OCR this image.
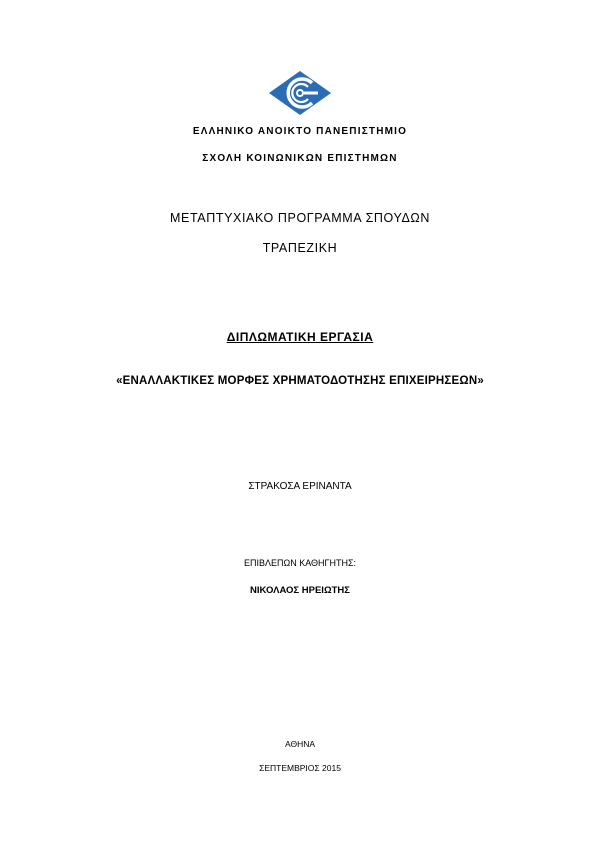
ΕΛΛΗΝΙΚΟ ΑΝΟΙΚΤΟ ΠΑΝΕΠΙΣΤΗΜΙΟ
ΣΧΟΛΗ ΚΟΙΝΩΝΙΚΩΝ ΕΠΙΣΤΗΜΩΝ
ΜΕΤΑΠΤΥΧΙΑΚΟ ΠΡΟΓΡΑΜΜΑ ΣΠΟΥΔΩΝ
ΤΡΑΠΕΖΙΚΗ
ΔΙΠΛΩΜΑΤΙΚΗ ΕΡΓΑΣΙΑ
«ΕΝΑΛΛΑΚΤΙΚΕΣ ΜΟΡΦΕΣ ΧΡΗΜΑΤΟΔΟΤΗΣΗΣ ΕΠΙΧΕΙΡΗΣΕΩΝ»
ΣΤΡΑΚΟΣΑ ΕΡΙΝΑΝΤΑ
ΕΠΙΒΛΕΠΩΝ ΚΑΘΗΓΗΤΗΣ:
ΝΙΚΟΛΑΟΣ ΗΡΕΙΩΤΗΣ
ΑΘΗΝΑ
ΣΕΠΤΕΜΒΡΙΟΣ 2015
